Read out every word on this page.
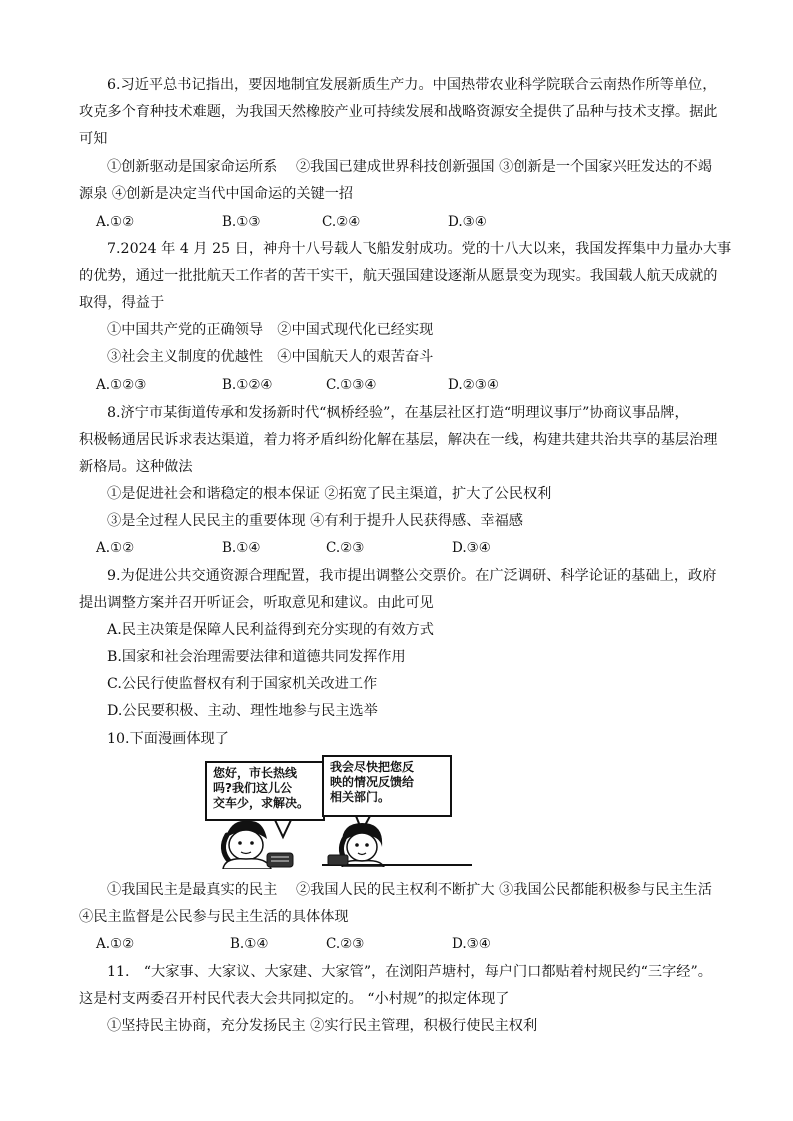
6.习近平总书记指出，要因地制宜发展新质生产力。中国热带农业科学院联合云南热作所等单位，
攻克多个育种技术难题，为我国天然橡胶产业可持续发展和战略资源安全提供了品种与技术支撑。据此
可知
①创新驱动是国家命运所系　 ②我国已建成世界科技创新强国 ③创新是一个国家兴旺发达的不竭
源泉 ④创新是决定当代中国命运的关键一招
A.①②	B.①③	C.②④	D.③④
7.2024 年 4 月 25 日，神舟十八号载人飞船发射成功。党的十八大以来，我国发挥集中力量办大事
的优势，通过一批批航天工作者的苦干实干，航天强国建设逐渐从愿景变为现实。我国载人航天成就的
取得，得益于
①中国共产党的正确领导　②中国式现代化已经实现
③社会主义制度的优越性　④中国航天人的艰苦奋斗
A.①②③	B.①②④	C.①③④	D.②③④
8.济宁市某街道传承和发扬新时代“枫桥经验”，在基层社区打造“明理议事厅”协商议事品牌，
积极畅通居民诉求表达渠道，着力将矛盾纠纷化解在基层，解决在一线，构建共建共治共享的基层治理
新格局。这种做法
①是促进社会和谐稳定的根本保证 ②拓宽了民主渠道，扩大了公民权利
③是全过程人民民主的重要体现 ④有利于提升人民获得感、幸福感
A.①②	B.①④	C.②③	D.③④
9.为促进公共交通资源合理配置，我市提出调整公交票价。在广泛调研、科学论证的基础上，政府
提出调整方案并召开听证会，听取意见和建议。由此可见
A.民主决策是保障人民利益得到充分实现的有效方式
B.国家和社会治理需要法律和道德共同发挥作用
C.公民行使监督权有利于国家机关改进工作
D.公民要积极、主动、理性地参与民主选举
10.下面漫画体现了
您好，市长热线
吗?我们这儿公
交车少，求解决。
我会尽快把您反
映的情况反馈给
相关部门。
①我国民主是最真实的民主　 ②我国人民的民主权利不断扩大 ③我国公民都能积极参与民主生活
④民主监督是公民参与民主生活的具体体现
A.①②	B.①④	C.②③	D.③④
11.　“大家事、大家议、大家建、大家管”，在浏阳芦塘村，每户门口都贴着村规民约“三字经”。
这是村支两委召开村民代表大会共同拟定的。 “小村规”的拟定体现了
①坚持民主协商，充分发扬民主 ②实行民主管理，积极行使民主权利
